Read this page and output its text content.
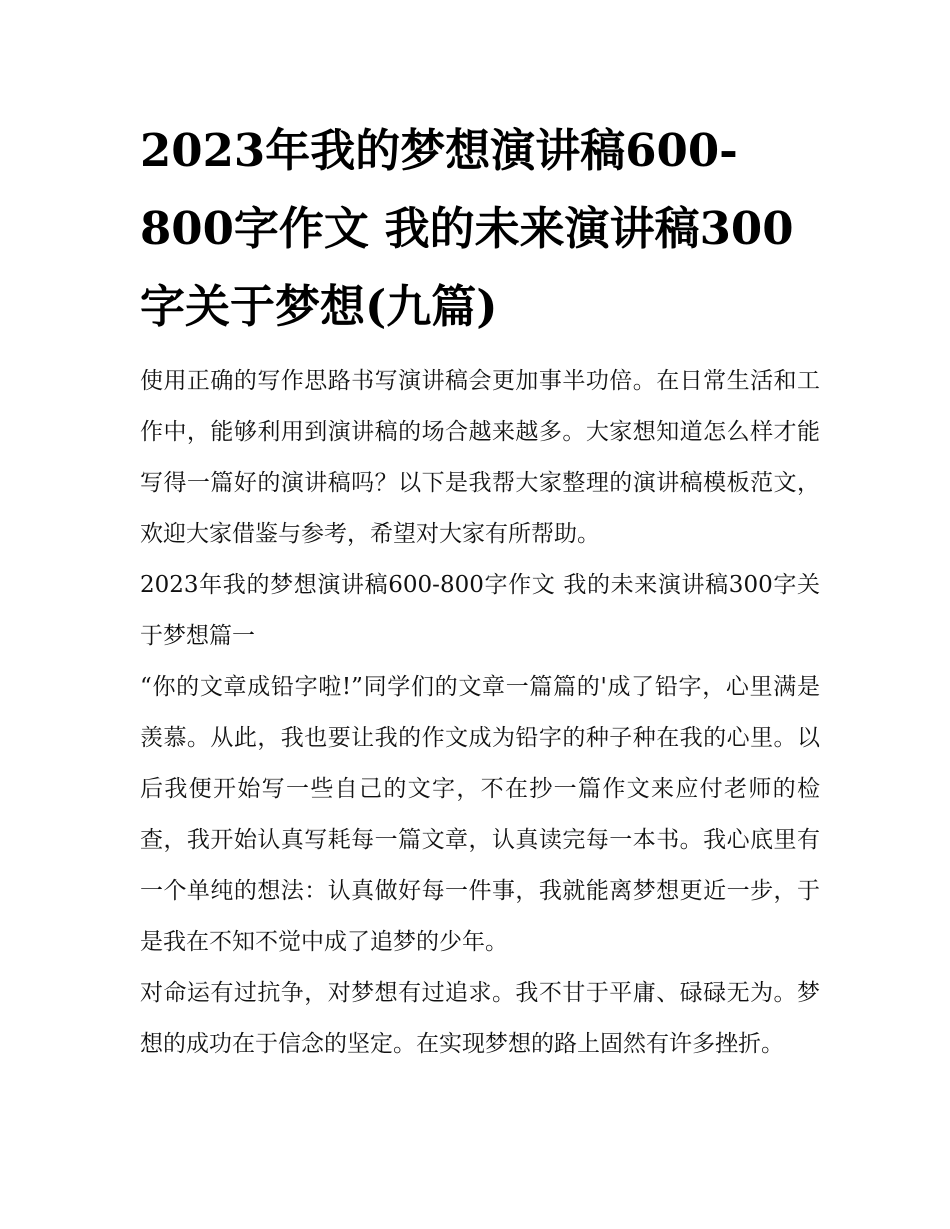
2023年我的梦想演讲稿600-800字作文 我的未来演讲稿300字关于梦想(九篇)

使用正确的写作思路书写演讲稿会更加事半功倍。在日常生活和工作中，能够利用到演讲稿的场合越来越多。大家想知道怎么样才能写得一篇好的演讲稿吗？以下是我帮大家整理的演讲稿模板范文，欢迎大家借鉴与参考，希望对大家有所帮助。

2023年我的梦想演讲稿600-800字作文 我的未来演讲稿300字关于梦想篇一

“你的文章成铅字啦!”同学们的文章一篇篇的'成了铅字，心里满是羡慕。从此，我也要让我的作文成为铅字的种子种在我的心里。以后我便开始写一些自己的文字，不在抄一篇作文来应付老师的检查，我开始认真写耗每一篇文章，认真读完每一本书。我心底里有一个单纯的想法：认真做好每一件事，我就能离梦想更近一步，于是我在不知不觉中成了追梦的少年。

对命运有过抗争，对梦想有过追求。我不甘于平庸、碌碌无为。梦想的成功在于信念的坚定。在实现梦想的路上固然有许多挫折。
